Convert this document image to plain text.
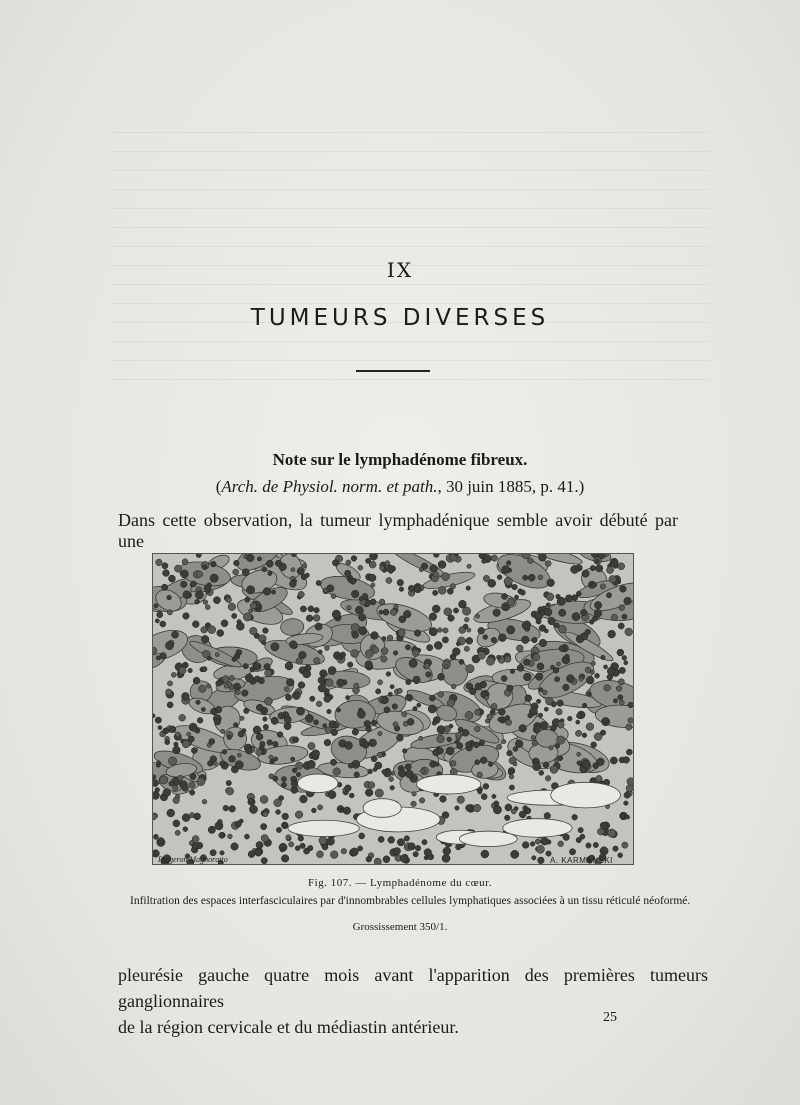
IX
TUMEURS DIVERSES
Note sur le lymphadénome fibreux.
(Arch. de Physiol. norm. et path., 30 juin 1885, p. 41.)
Dans cette observation, la tumeur lymphadénique semble avoir débuté par une
Ringeron Magnoratto	A. KARMANSKI
Fig. 107. — Lymphadénome du cœur.
Infiltration des espaces interfasciculaires par d'innombrables cellules lymphatiques associées à un tissu réticulé néoformé.
Grossissement 350/1.
pleurésie gauche quatre mois avant l'apparition des premières tumeurs ganglionnaires
de la région cervicale et du médiastin antérieur.	25
